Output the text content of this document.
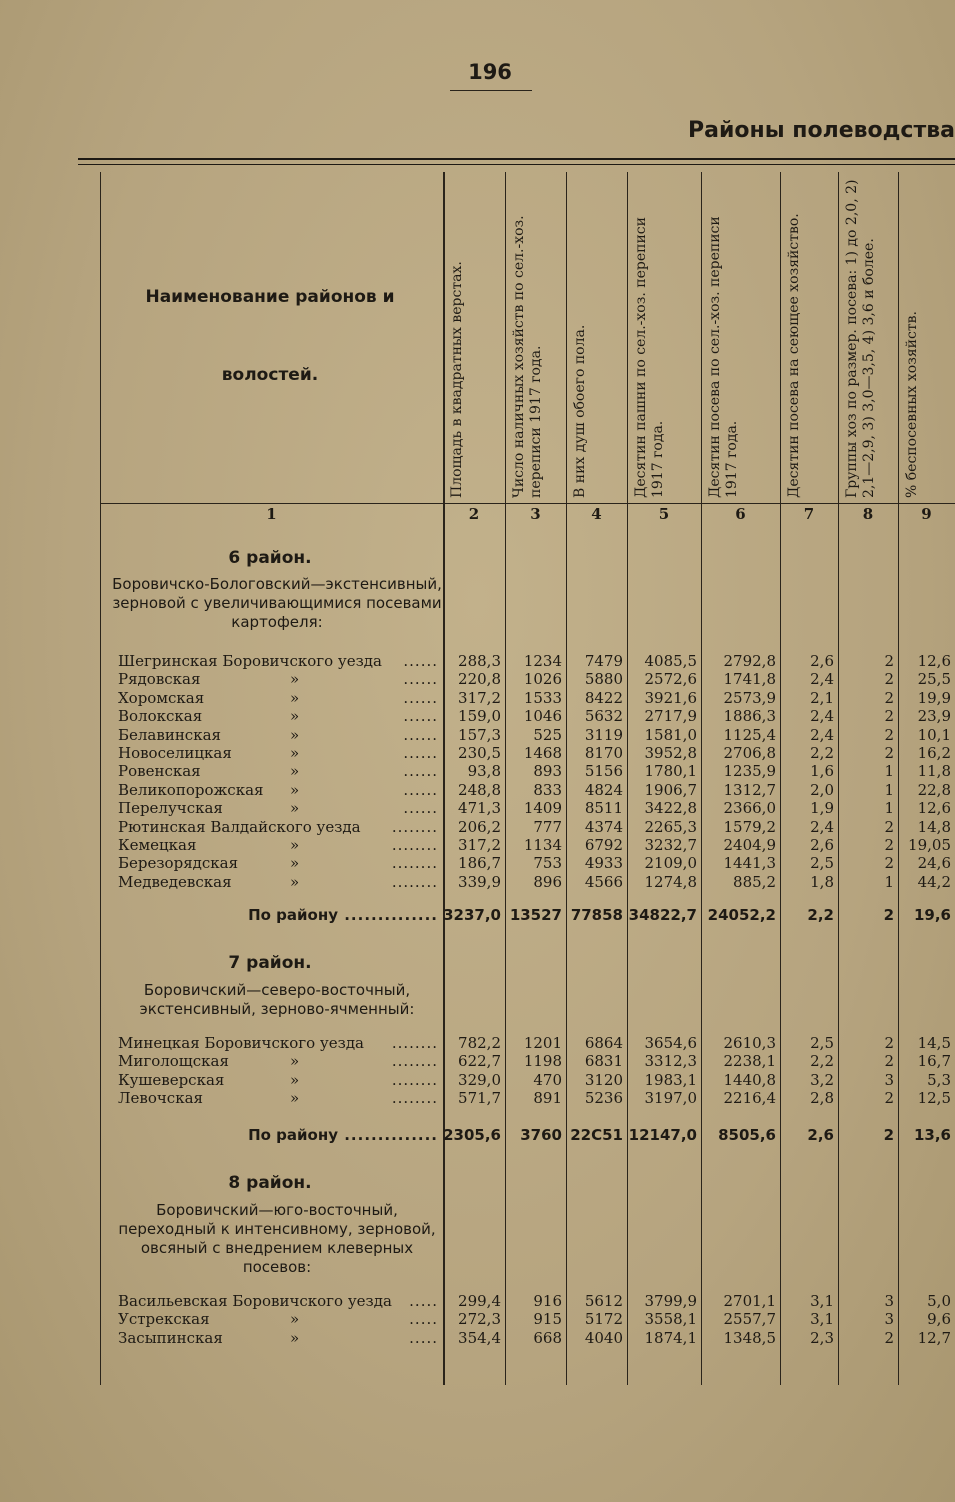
196
Районы полеводства
Наименование районов и
волостей.	Площадь в квадратных верстах.	Число наличных хозяйств по сел.-хоз. переписи 1917 года.	В них душ обоего пола.	Десятин пашни по сел.-хоз. переписи 1917 года.	Десятин посева по сел.-хоз. переписи 1917 года.	Десятин посева на сеющее хозяйство.	Группы хоз по размер. посева: 1) до 2,0, 2) 2,1—2,9, 3) 3,0—3,5, 4) 3,6 и более.	% беспосевных хозяйств.
1	2	3	4	5	6	7	8	9
6 район.
Боровичско-Бологовский—экстенсивный, зерновой с увеличивающимися посевами картофеля:
Шегринская Боровичского уезда ......	288,3	1234	7479	4085,5	2792,8	2,6	2	12,6
Рядовская	»	......	220,8	1026	5880	2572,6	1741,8	2,4	2	25,5
Хоромская	»	......	317,2	1533	8422	3921,6	2573,9	2,1	2	19,9
Волокская	»	......	159,0	1046	5632	2717,9	1886,3	2,4	2	23,9
Белавинская	»	......	157,3	525	3119	1581,0	1125,4	2,4	2	10,1
Новоселицкая	»	......	230,5	1468	8170	3952,8	2706,8	2,2	2	16,2
Ровенская	»	......	93,8	893	5156	1780,1	1235,9	1,6	1	11,8
Великопорожская »	......	248,8	833	4824	1906,7	1312,7	2,0	1	22,8
Перелучская	»	......	471,3	1409	8511	3422,8	2366,0	1,9	1	12,6
Рютинская Валдайского уезда ........	206,2	777	4374	2265,3	1579,2	2,4	2	14,8
Кемецкая	»	........	317,2	1134	6792	3232,7	2404,9	2,6	2 19,05
Березорядская	»	........	186,7	753	4933	2109,0	1441,3	2,5	2	24,6
Медведевская	»	........	339,9	896	4566	1274,8	885,2	1,8	1	44,2
По району .............. 3237,0 13527 77858 34822,7 24052,2	2,2	2	19,6
7 район.
Боровичский—северо-восточный, экстенсивный, зерново-ячменный:
Минецкая Боровичского уезда ........	782,2	1201	6864	3654,6	2610,3	2,5	2	14,5
Миголощская	»	........	622,7	1198	6831	3312,3	2238,1	2,2	2	16,7
Кушеверская	»	........	329,0	470	3120	1983,1	1440,8	3,2	3	5,3
Левочская	»	........	571,7	891	5236	3197,0	2216,4	2,8	2	12,5
По району .............. 2305,6	3760 22С51 12147,0	8505,6	2,6	2	13,6
8 район.
Боровичский—юго-восточный, переходный к интенсивному, зерновой, овсяный с внедрением клеверных посевов:
Васильевская Боровичского уезда .....	299,4	916	5612	3799,9	2701,1	3,1	3	5,0
Устрекская	»	.....	272,3	915	5172	3558,1	2557,7	3,1	3	9,6
Засыпинская	»	.....	354,4	668	4040	1874,1	1348,5	2,3	2	12,7
